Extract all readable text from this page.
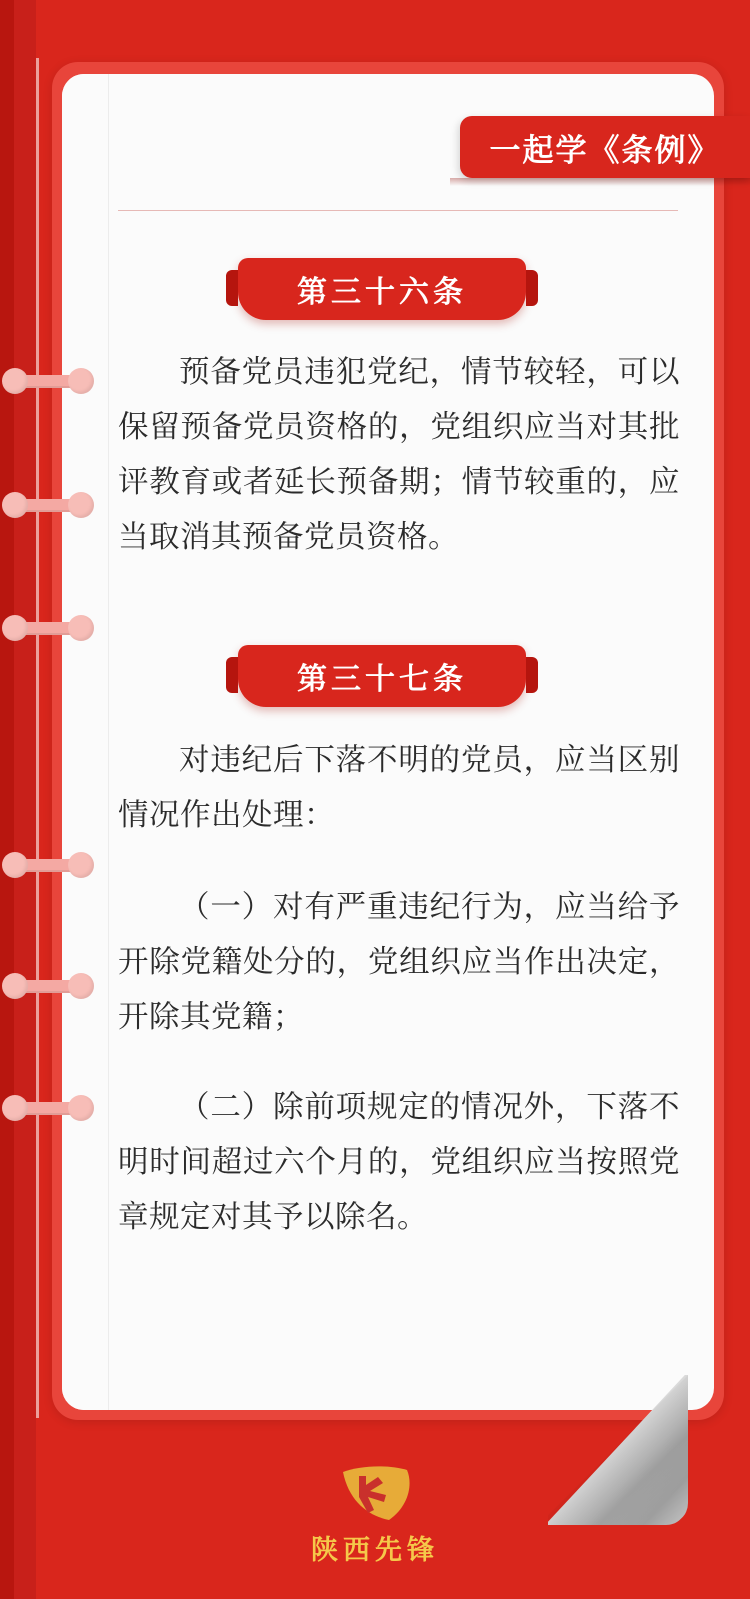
一起学《条例》
第三十六条
预备党员违犯党纪，情节较轻，可以保留预备党员资格的，党组织应当对其批评教育或者延长预备期；情节较重的，应当取消其预备党员资格。
第三十七条
对违纪后下落不明的党员，应当区别情况作出处理：
（一）对有严重违纪行为，应当给予开除党籍处分的，党组织应当作出决定，开除其党籍；
（二）除前项规定的情况外，下落不明时间超过六个月的，党组织应当按照党章规定对其予以除名。
陕西先锋
